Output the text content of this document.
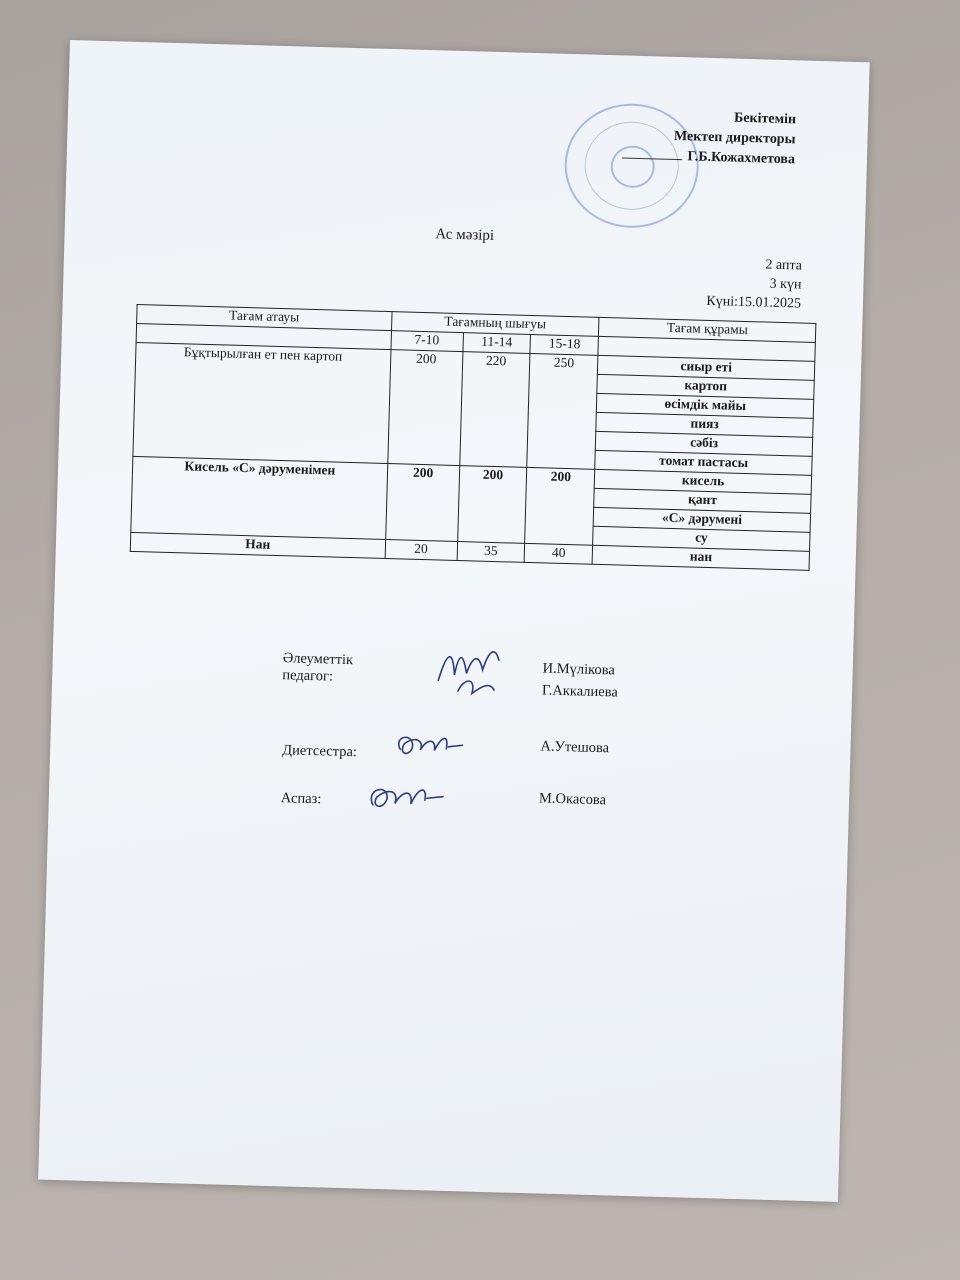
Бекітемін
Мектеп директоры
Г.Б.Кожахметова
Ас мәзірі
2 апта
3 күн
Күні:15.01.2025
Тағам атауы	Тағамның шығуы			Тағам құрамы
	7-10	11-14	15-18	
Бұқтырылған ет пен картоп	200	220	250	сиыр еті
				картоп
				өсімдік майы
				пияз
				сәбіз
				томат пастасы
Кисель «С» дәруменімен	200	200	200	кисель
				қант
				«С» дәрумені
				су
Нан	20	35	40	нан
Әлеуметтік педагог:	И.Мүлікова
Г.Аккалиева
Диетсестра:	А.Утешова
Аспаз:	М.Окасова
